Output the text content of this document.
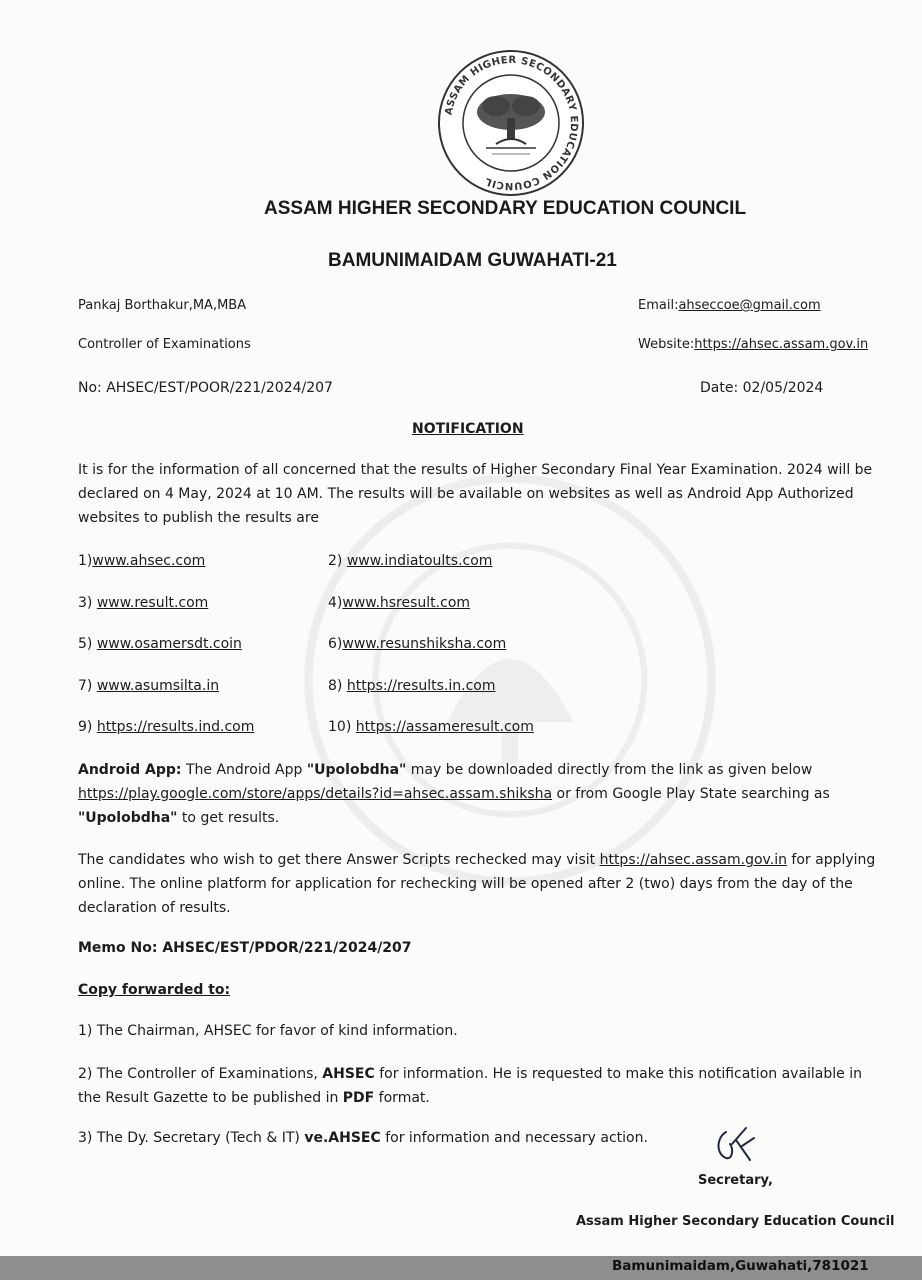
ASSAM HIGHER SECONDARY EDUCATION COUNCIL
ASSAM HIGHER SECONDARY EDUCATION COUNCIL
BAMUNIMAIDAM GUWAHATI-21
Pankaj Borthakur,MA,MBA
Controller of Examinations
Email:ahseccoe@gmail.com
Website:https://ahsec.assam.gov.in
No: AHSEC/EST/POOR/221/2024/207	Date: 02/05/2024
NOTIFICATION
It is for the information of all concerned that the results of Higher Secondary Final Year Examination. 2024 will be declared on 4 May, 2024 at 10 AM. The results will be available on websites as well as Android App Authorized websites to publish the results are
1)www.ahsec.com	2) www.indiatoults.com
3) www.result.com	4)www.hsresult.com
5) www.osamersdt.coin	6)www.resunshiksha.com
7) www.asumsilta.in	8) https://results.in.com
9) https://results.ind.com	10) https://assameresult.com
Android App: The Android App "Upolobdha" may be downloaded directly from the link as given below
https://play.google.com/store/apps/details?id=ahsec.assam.shiksha or from Google Play State searching as
"Upolobdha" to get results.
The candidates who wish to get there Answer Scripts rechecked may visit https://ahsec.assam.gov.in for applying online. The online platform for application for rechecking will be opened after 2 (two) days from the day of the declaration of results.
Memo No: AHSEC/EST/PDOR/221/2024/207
Copy forwarded to:
1) The Chairman, AHSEC for favor of kind information.
2) The Controller of Examinations, AHSEC for information. He is requested to make this notification available in the Result Gazette to be published in PDF format.
3) The Dy. Secretary (Tech & IT) ve.AHSEC for information and necessary action.
Secretary,
Assam Higher Secondary Education Council
Bamunimaidam,Guwahati,781021
